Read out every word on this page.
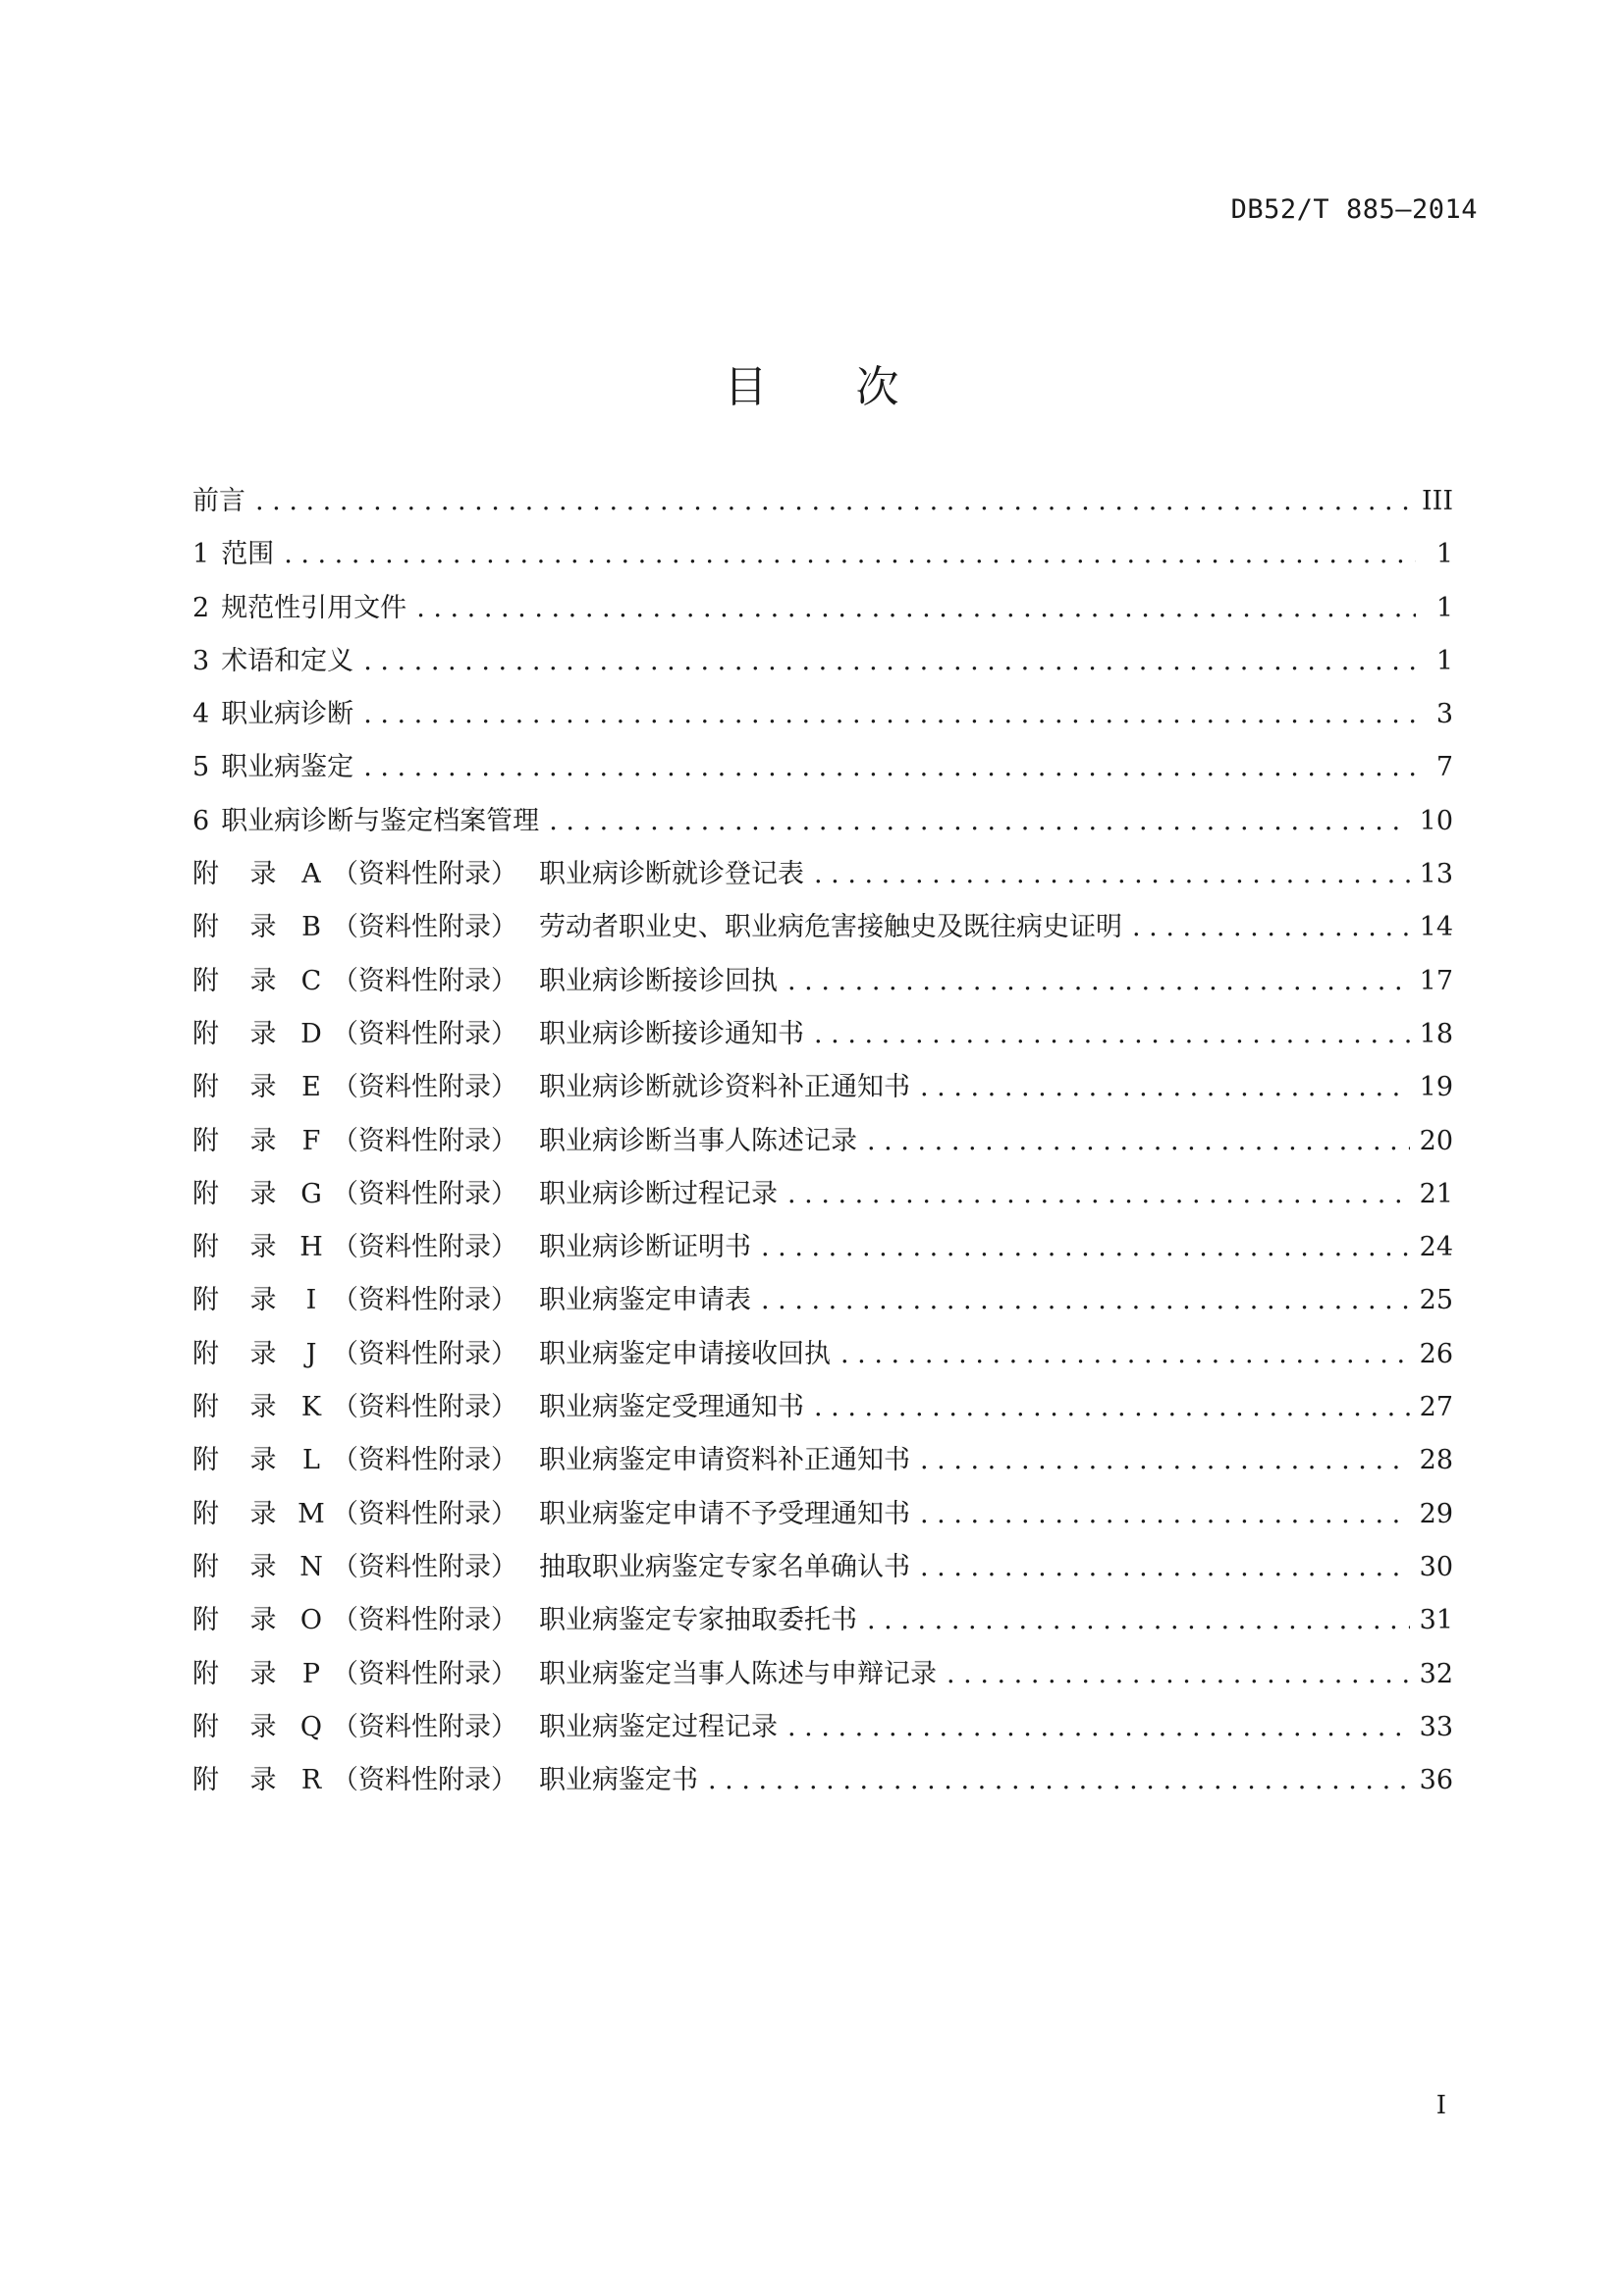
DB52/T 885—2014
目 次
前言 . . .	III
1 范围 . . .	1
2 规范性引用文件 . . .	1
3 术语和定义 . . .	1
4 职业病诊断 . . .	3
5 职业病鉴定 . . .	7
6 职业病诊断与鉴定档案管理 . . .	10
附 录 A （资料性附录） 职业病诊断就诊登记表 . . .	13
附 录 B （资料性附录） 劳动者职业史、职业病危害接触史及既往病史证明 . . .	14
附 录 C （资料性附录） 职业病诊断接诊回执 . . .	17
附 录 D （资料性附录） 职业病诊断接诊通知书 . . .	18
附 录 E （资料性附录） 职业病诊断就诊资料补正通知书 . . .	19
附 录 F （资料性附录） 职业病诊断当事人陈述记录 . . .	20
附 录 G （资料性附录） 职业病诊断过程记录 . . .	21
附 录 H （资料性附录） 职业病诊断证明书 . . .	24
附 录 I （资料性附录） 职业病鉴定申请表 . . .	25
附 录 J （资料性附录） 职业病鉴定申请接收回执 . . .	26
附 录 K （资料性附录） 职业病鉴定受理通知书 . . .	27
附 录 L （资料性附录） 职业病鉴定申请资料补正通知书 . . .	28
附 录 M （资料性附录） 职业病鉴定申请不予受理通知书 . . .	29
附 录 N （资料性附录） 抽取职业病鉴定专家名单确认书 . . .	30
附 录 O （资料性附录） 职业病鉴定专家抽取委托书 . . .	31
附 录 P （资料性附录） 职业病鉴定当事人陈述与申辩记录 . . .	32
附 录 Q （资料性附录） 职业病鉴定过程记录 . . .	33
附 录 R （资料性附录） 职业病鉴定书 . . .	36
I
